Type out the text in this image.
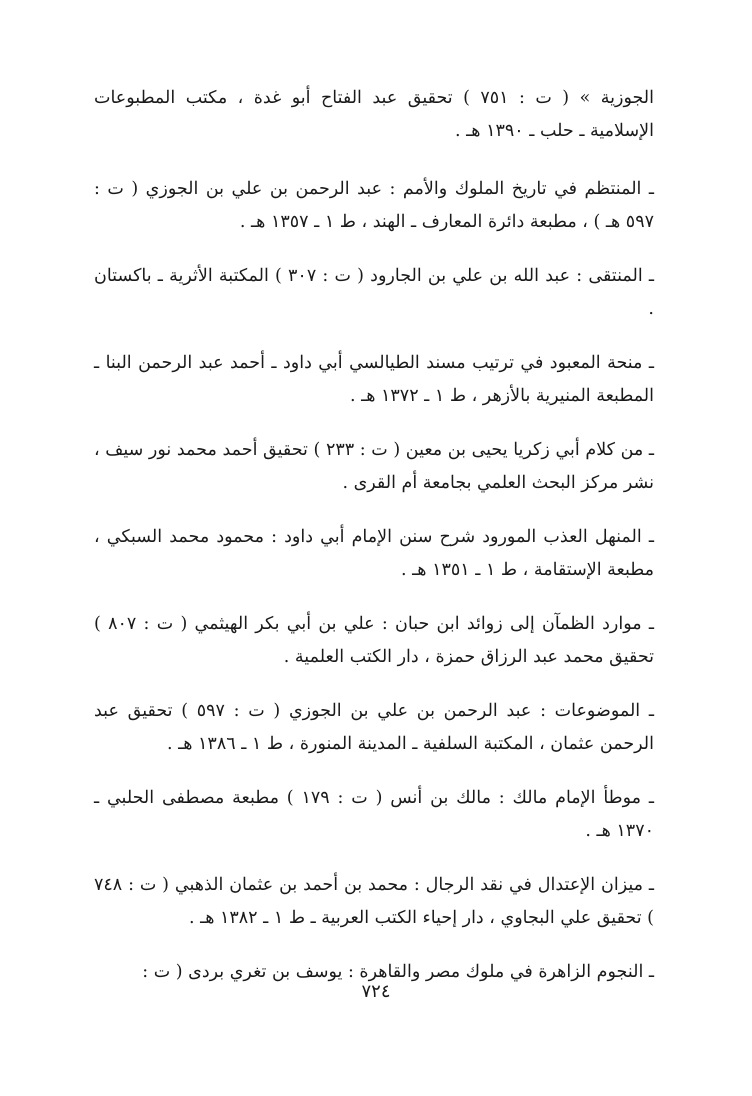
الجوزية » ( ت : ٧٥١ ) تحقيق عبد الفتاح أبو غدة ، مكتب المطبوعات الإسلامية ـ حلب ـ ١٣٩٠ هـ .

ـ المنتظم في تاريخ الملوك والأمم : عبد الرحمن بن علي بن الجوزي ( ت : ٥٩٧ هـ ) ، مطبعة دائرة المعارف ـ الهند ، ط ١ ـ ١٣٥٧ هـ .

ـ المنتقى : عبد الله بن علي بن الجارود ( ت : ٣٠٧ ) المكتبة الأثرية ـ باكستان .

ـ منحة المعبود في ترتيب مسند الطيالسي أبي داود ـ أحمد عبد الرحمن البنا ـ المطبعة المنيرية بالأزهر ، ط ١ ـ ١٣٧٢ هـ .

ـ من كلام أبي زكريا يحيى بن معين ( ت : ٢٣٣ ) تحقيق أحمد محمد نور سيف ، نشر مركز البحث العلمي بجامعة أم القرى .

ـ المنهل العذب المورود شرح سنن الإمام أبي داود : محمود محمد السبكي ، مطبعة الإستقامة ، ط ١ ـ ١٣٥١ هـ .

ـ موارد الظمآن إلى زوائد ابن حبان : علي بن أبي بكر الهيثمي ( ت : ٨٠٧ ) تحقيق محمد عبد الرزاق حمزة ، دار الكتب العلمية .

ـ الموضوعات : عبد الرحمن بن علي بن الجوزي ( ت : ٥٩٧ ) تحقيق عبد الرحمن عثمان ، المكتبة السلفية ـ المدينة المنورة ، ط ١ ـ ١٣٨٦ هـ .

ـ موطأ الإمام مالك : مالك بن أنس ( ت : ١٧٩ ) مطبعة مصطفى الحلبي ـ ١٣٧٠ هـ .

ـ ميزان الإعتدال في نقد الرجال : محمد بن أحمد بن عثمان الذهبي ( ت : ٧٤٨ ) تحقيق علي البجاوي ، دار إحياء الكتب العربية ـ ط ١ ـ ١٣٨٢ هـ .

ـ النجوم الزاهرة في ملوك مصر والقاهرة : يوسف بن تغري بردى ( ت :

٧٢٤
